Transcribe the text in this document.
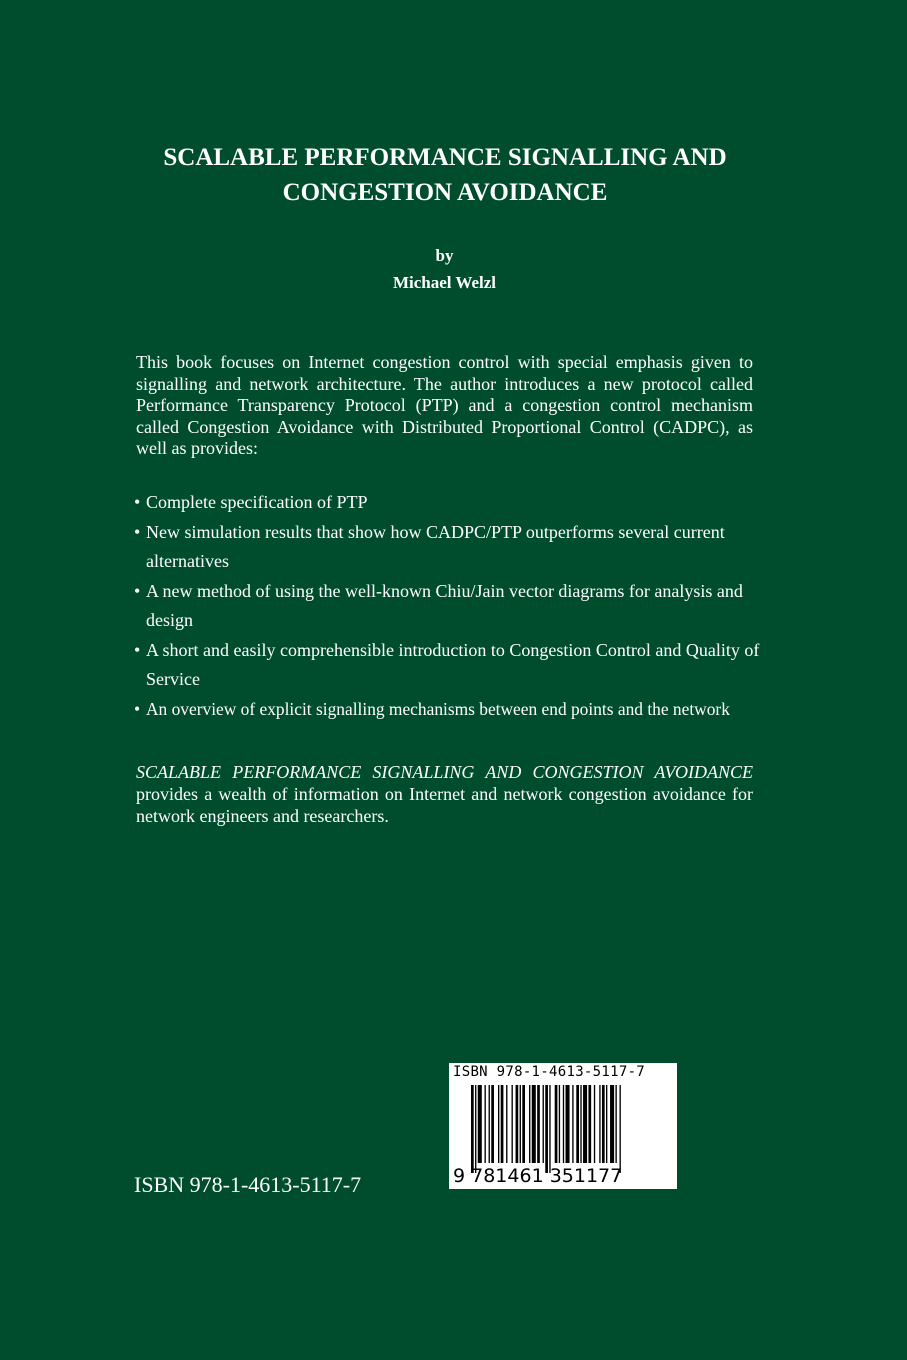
SCALABLE PERFORMANCE SIGNALLING AND
CONGESTION AVOIDANCE
by
Michael Welzl

This book focuses on Internet congestion control with special emphasis given to signalling and network architecture. The author introduces a new protocol called Performance Transparency Protocol (PTP) and a congestion control mechanism called Congestion Avoidance with Distributed Proportional Control (CADPC), as well as provides:

• Complete specification of PTP
• New simulation results that show how CADPC/PTP outperforms several current alternatives
• A new method of using the well-known Chiu/Jain vector diagrams for analysis and design
• A short and easily comprehensible introduction to Congestion Control and Quality of Service
• An overview of explicit signalling mechanisms between end points and the network

SCALABLE PERFORMANCE SIGNALLING AND CONGESTION AVOIDANCE provides a wealth of information on Internet and network congestion avoidance for network engineers and researchers.

ISBN 978-1-4613-5117-7
ISBN 978-1-4613-5117-7
9 781461 351177
